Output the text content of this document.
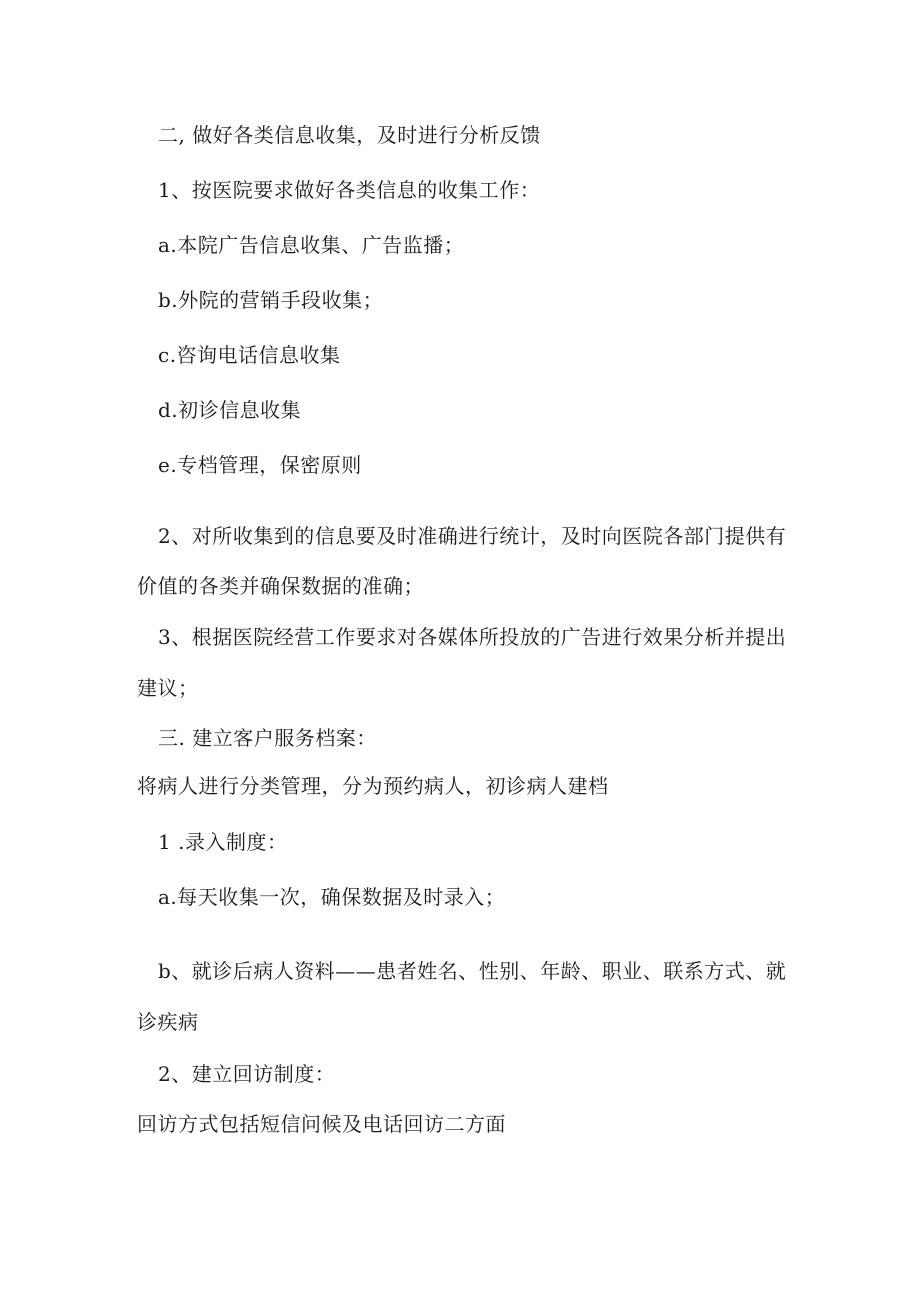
二, 做好各类信息收集，及时进行分析反馈

1、按医院要求做好各类信息的收集工作：

a.本院广告信息收集、广告监播；

b.外院的营销手段收集；

c.咨询电话信息收集

d.初诊信息收集

e.专档管理，保密原则

2、对所收集到的信息要及时准确进行统计，及时向医院各部门提供有

价值的各类并确保数据的准确；

3、根据医院经营工作要求对各媒体所投放的广告进行效果分析并提出

建议；

三. 建立客户服务档案：

将病人进行分类管理，分为预约病人，初诊病人建档

1 .录入制度：

a.每天收集一次，确保数据及时录入；

b、就诊后病人资料——患者姓名、性别、年龄、职业、联系方式、就

诊疾病

2、建立回访制度：

回访方式包括短信问候及电话回访二方面
